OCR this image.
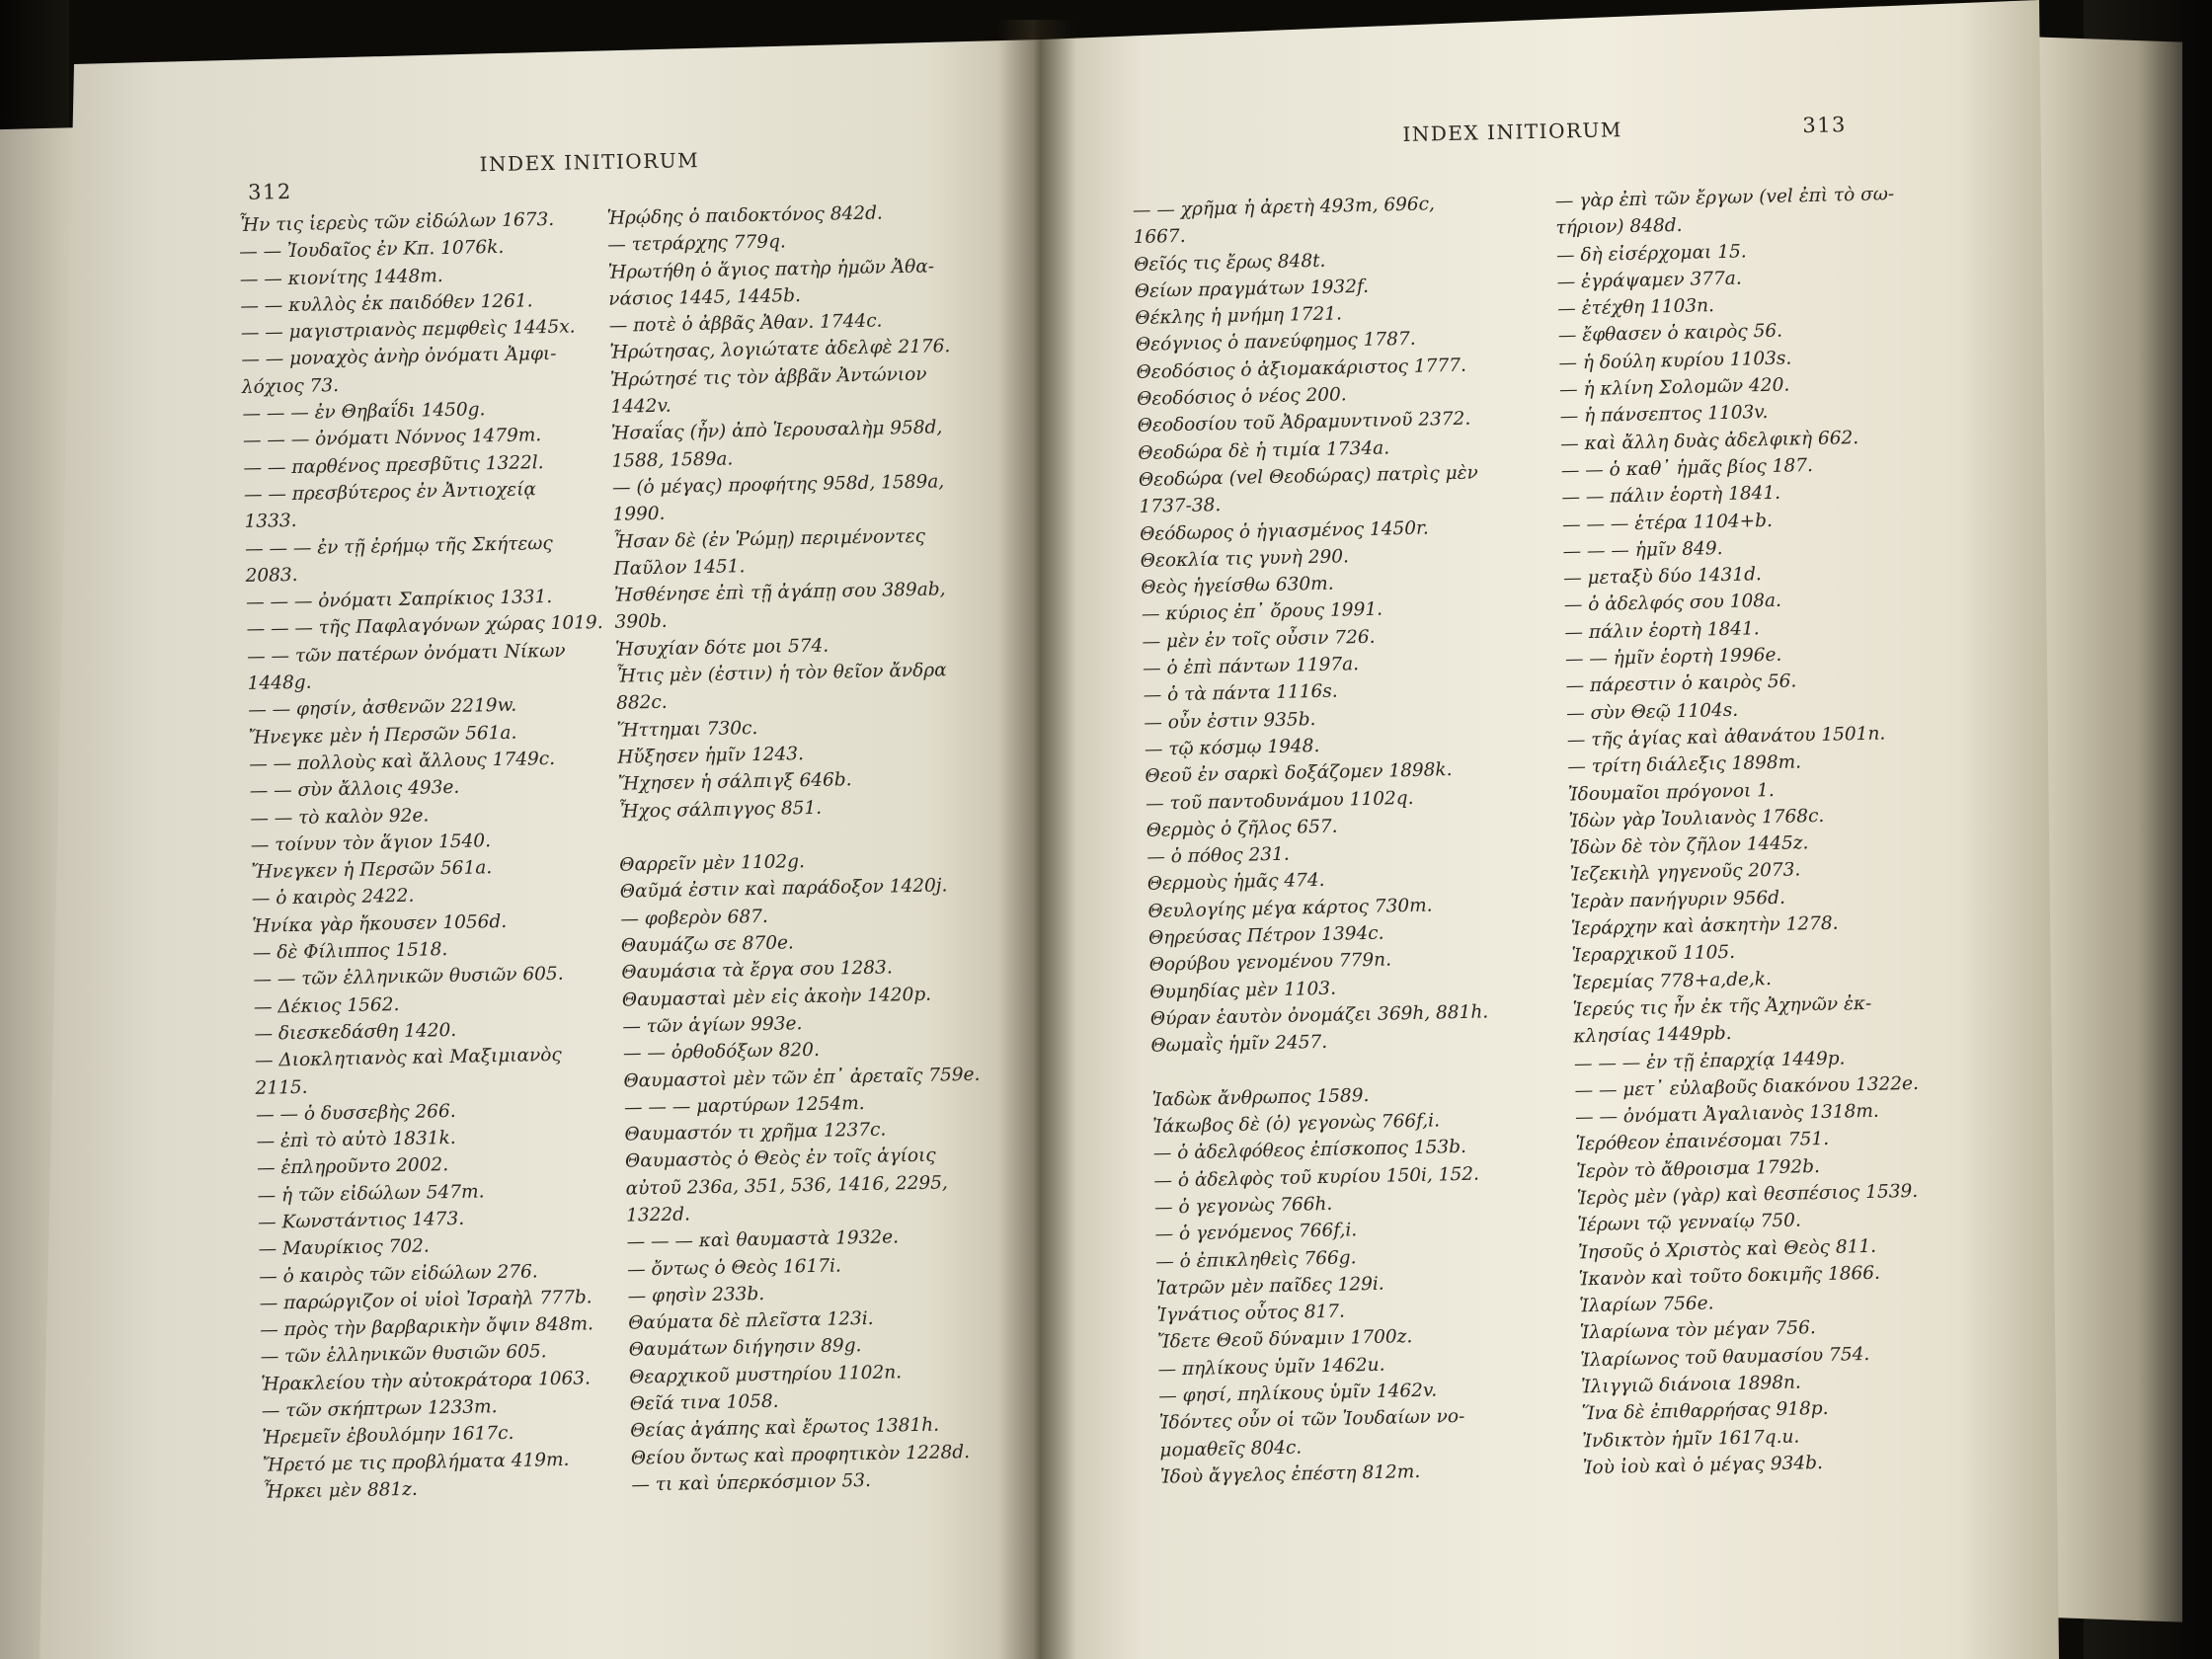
312
INDEX INITIORUM
Ἦν τις ἱερεὺς τῶν εἰδώλων 1673.
— — Ἰουδαῖος ἐν Κπ. 1076k.
— — κιονίτης 1448m.
— — κυλλὸς ἐκ παιδόθεν 1261.
— — μαγιστριανὸς πεμφθεὶς 1445x.
— — μοναχὸς ἀνὴρ ὀνόματι Ἀμφι-
λόχιος 73.
— — — ἐν Θηβαΐδι 1450g.
— — — ὀνόματι Νόννος 1479m.
— — παρθένος πρεσβῦτις 1322l.
— — πρεσβύτερος ἐν Ἀντιοχείᾳ
1333.
— — — ἐν τῇ ἐρήμῳ τῆς Σκήτεως
2083.
— — — ὀνόματι Σαπρίκιος 1331.
— — — τῆς Παφλαγόνων χώρας 1019.
— — τῶν πατέρων ὀνόματι Νίκων
1448g.
— — φησίν, ἀσθενῶν 2219w.
Ἤνεγκε μὲν ἡ Περσῶν 561a.
— — πολλοὺς καὶ ἄλλους 1749c.
— — σὺν ἄλλοις 493e.
— — τὸ καλὸν 92e.
— τοίνυν τὸν ἅγιον 1540.
Ἤνεγκεν ἡ Περσῶν 561a.
— ὁ καιρὸς 2422.
Ἡνίκα γὰρ ἤκουσεν 1056d.
— δὲ Φίλιππος 1518.
— — τῶν ἑλληνικῶν θυσιῶν 605.
— Δέκιος 1562.
— διεσκεδάσθη 1420.
— Διοκλητιανὸς καὶ Μαξιμιανὸς
2115.
— — ὁ δυσσεβὴς 266.
— ἐπὶ τὸ αὐτὸ 1831k.
— ἐπληροῦντο 2002.
— ἡ τῶν εἰδώλων 547m.
— Κωνστάντιος 1473.
— Μαυρίκιος 702.
— ὁ καιρὸς τῶν εἰδώλων 276.
— παρώργιζον οἱ υἱοὶ Ἰσραὴλ 777b.
— πρὸς τὴν βαρβαρικὴν ὄψιν 848m.
— τῶν ἑλληνικῶν θυσιῶν 605.
Ἡρακλείου τὴν αὐτοκράτορα 1063.
— τῶν σκήπτρων 1233m.
Ἠρεμεῖν ἐβουλόμην 1617c.
Ἤρετό με τις προβλήματα 419m.
Ἦρκει μὲν 881z.
Ἡρῴδης ὁ παιδοκτόνος 842d.
— τετράρχης 779q.
Ἠρωτήθη ὁ ἅγιος πατὴρ ἡμῶν Ἀθα-
νάσιος 1445, 1445b.
— ποτὲ ὁ ἀββᾶς Ἀθαν. 1744c.
Ἠρώτησας, λογιώτατε ἀδελφὲ 2176.
Ἠρώτησέ τις τὸν ἀββᾶν Ἀντώνιον
1442v.
Ἠσαΐας (ἦν) ἀπὸ Ἱερουσαλὴμ 958d,
1588, 1589a.
— (ὁ μέγας) προφήτης 958d, 1589a,
1990.
Ἦσαν δὲ (ἐν Ῥώμῃ) περιμένοντες
Παῦλον 1451.
Ἠσθένησε ἐπὶ τῇ ἀγάπῃ σου 389ab,
390b.
Ἡσυχίαν δότε μοι 574.
Ἦτις μὲν (ἐστιν) ἡ τὸν θεῖον ἄνδρα
882c.
Ἥττημαι 730c.
Ηὔξησεν ἡμῖν 1243.
Ἤχησεν ἡ σάλπιγξ 646b.
Ἦχος σάλπιγγος 851.
Θαρρεῖν μὲν 1102g.
Θαῦμά ἐστιν καὶ παράδοξον 1420j.
— φοβερὸν 687.
Θαυμάζω σε 870e.
Θαυμάσια τὰ ἔργα σου 1283.
Θαυμασταὶ μὲν εἰς ἀκοὴν 1420p.
— τῶν ἁγίων 993e.
— — ὀρθοδόξων 820.
Θαυμαστοὶ μὲν τῶν ἐπ᾿ ἀρεταῖς 759e.
— — — μαρτύρων 1254m.
Θαυμαστόν τι χρῆμα 1237c.
Θαυμαστὸς ὁ Θεὸς ἐν τοῖς ἁγίοις
αὐτοῦ 236a, 351, 536, 1416, 2295,
1322d.
— — — καὶ θαυμαστὰ 1932e.
— ὄντως ὁ Θεὸς 1617i.
— φησὶν 233b.
Θαύματα δὲ πλεῖστα 123i.
Θαυμάτων διήγησιν 89g.
Θεαρχικοῦ μυστηρίου 1102n.
Θεῖά τινα 1058.
Θείας ἀγάπης καὶ ἔρωτος 1381h.
Θείου ὄντως καὶ προφητικὸν 1228d.
— τι καὶ ὑπερκόσμιον 53.
INDEX INITIORUM	313
— — χρῆμα ἡ ἀρετὴ 493m, 696c,
1667.
Θεῖός τις ἔρως 848t.
Θείων πραγμάτων 1932f.
Θέκλης ἡ μνήμη 1721.
Θεόγνιος ὁ πανεύφημος 1787.
Θεοδόσιος ὁ ἀξιομακάριστος 1777.
Θεοδόσιος ὁ νέος 200.
Θεοδοσίου τοῦ Ἀδραμυντινοῦ 2372.
Θεοδώρα δὲ ἡ τιμία 1734a.
Θεοδώρα (vel Θεοδώρας) πατρὶς μὲν
1737-38.
Θεόδωρος ὁ ἡγιασμένος 1450r.
Θεοκλία τις γυνὴ 290.
Θεὸς ἡγείσθω 630m.
— κύριος ἐπ᾿ ὄρους 1991.
— μὲν ἐν τοῖς οὖσιν 726.
— ὁ ἐπὶ πάντων 1197a.
— ὁ τὰ πάντα 1116s.
— οὖν ἐστιν 935b.
— τῷ κόσμῳ 1948.
Θεοῦ ἐν σαρκὶ δοξάζομεν 1898k.
— τοῦ παντοδυνάμου 1102q.
Θερμὸς ὁ ζῆλος 657.
— ὁ πόθος 231.
Θερμοὺς ἡμᾶς 474.
Θευλογίης μέγα κάρτος 730m.
Θηρεύσας Πέτρον 1394c.
Θορύβου γενομένου 779n.
Θυμηδίας μὲν 1103.
Θύραν ἑαυτὸν ὀνομάζει 369h, 881h.
Θωμαῒς ἡμῖν 2457.
Ἰαδὼκ ἄνθρωπος 1589.
Ἰάκωβος δὲ (ὁ) γεγονὼς 766f,i.
— ὁ ἀδελφόθεος ἐπίσκοπος 153b.
— ὁ ἀδελφὸς τοῦ κυρίου 150i, 152.
— ὁ γεγονὼς 766h.
— ὁ γενόμενος 766f,i.
— ὁ ἐπικληθεὶς 766g.
Ἰατρῶν μὲν παῖδες 129i.
Ἰγνάτιος οὗτος 817.
Ἴδετε Θεοῦ δύναμιν 1700z.
— πηλίκους ὑμῖν 1462u.
— φησί, πηλίκους ὑμῖν 1462v.
Ἰδόντες οὖν οἱ τῶν Ἰουδαίων νο-
μομαθεῖς 804c.
Ἰδοὺ ἄγγελος ἐπέστη 812m.
— γὰρ ἐπὶ τῶν ἔργων (vel ἐπὶ τὸ σω-
τήριον) 848d.
— δὴ εἰσέρχομαι 15.
— ἐγράψαμεν 377a.
— ἐτέχθη 1103n.
— ἔφθασεν ὁ καιρὸς 56.
— ἡ δούλη κυρίου 1103s.
— ἡ κλίνη Σολομῶν 420.
— ἡ πάνσεπτος 1103v.
— καὶ ἄλλη δυὰς ἀδελφικὴ 662.
— — ὁ καθ᾿ ἡμᾶς βίος 187.
— — πάλιν ἑορτὴ 1841.
— — — ἑτέρα 1104+b.
— — — ἡμῖν 849.
— μεταξὺ δύο 1431d.
— ὁ ἀδελφός σου 108a.
— πάλιν ἑορτὴ 1841.
— — ἡμῖν ἑορτὴ 1996e.
— πάρεστιν ὁ καιρὸς 56.
— σὺν Θεῷ 1104s.
— τῆς ἁγίας καὶ ἀθανάτου 1501n.
— τρίτη διάλεξις 1898m.
Ἰδουμαῖοι πρόγονοι 1.
Ἰδὼν γὰρ Ἰουλιανὸς 1768c.
Ἰδὼν δὲ τὸν ζῆλον 1445z.
Ἰεζεκιὴλ γηγενοῦς 2073.
Ἱερὰν πανήγυριν 956d.
Ἱεράρχην καὶ ἀσκητὴν 1278.
Ἱεραρχικοῦ 1105.
Ἱερεμίας 778+a,de,k.
Ἱερεύς τις ἦν ἐκ τῆς Ἀχηνῶν ἐκ-
κλησίας 1449pb.
— — — ἐν τῇ ἐπαρχίᾳ 1449p.
— — μετ᾿ εὐλαβοῦς διακόνου 1322e.
— — ὀνόματι Ἀγαλιανὸς 1318m.
Ἱερόθεον ἐπαινέσομαι 751.
Ἱερὸν τὸ ἄθροισμα 1792b.
Ἱερὸς μὲν (γὰρ) καὶ θεσπέσιος 1539.
Ἱέρωνι τῷ γενναίῳ 750.
Ἰησοῦς ὁ Χριστὸς καὶ Θεὸς 811.
Ἱκανὸν καὶ τοῦτο δοκιμῆς 1866.
Ἱλαρίων 756e.
Ἱλαρίωνα τὸν μέγαν 756.
Ἱλαρίωνος τοῦ θαυμασίου 754.
Ἰλιγγιῶ διάνοια 1898n.
Ἵνα δὲ ἐπιθαρρήσας 918p.
Ἰνδικτὸν ἡμῖν 1617q.u.
Ἰοὺ ἰοὺ καὶ ὁ μέγας 934b.
